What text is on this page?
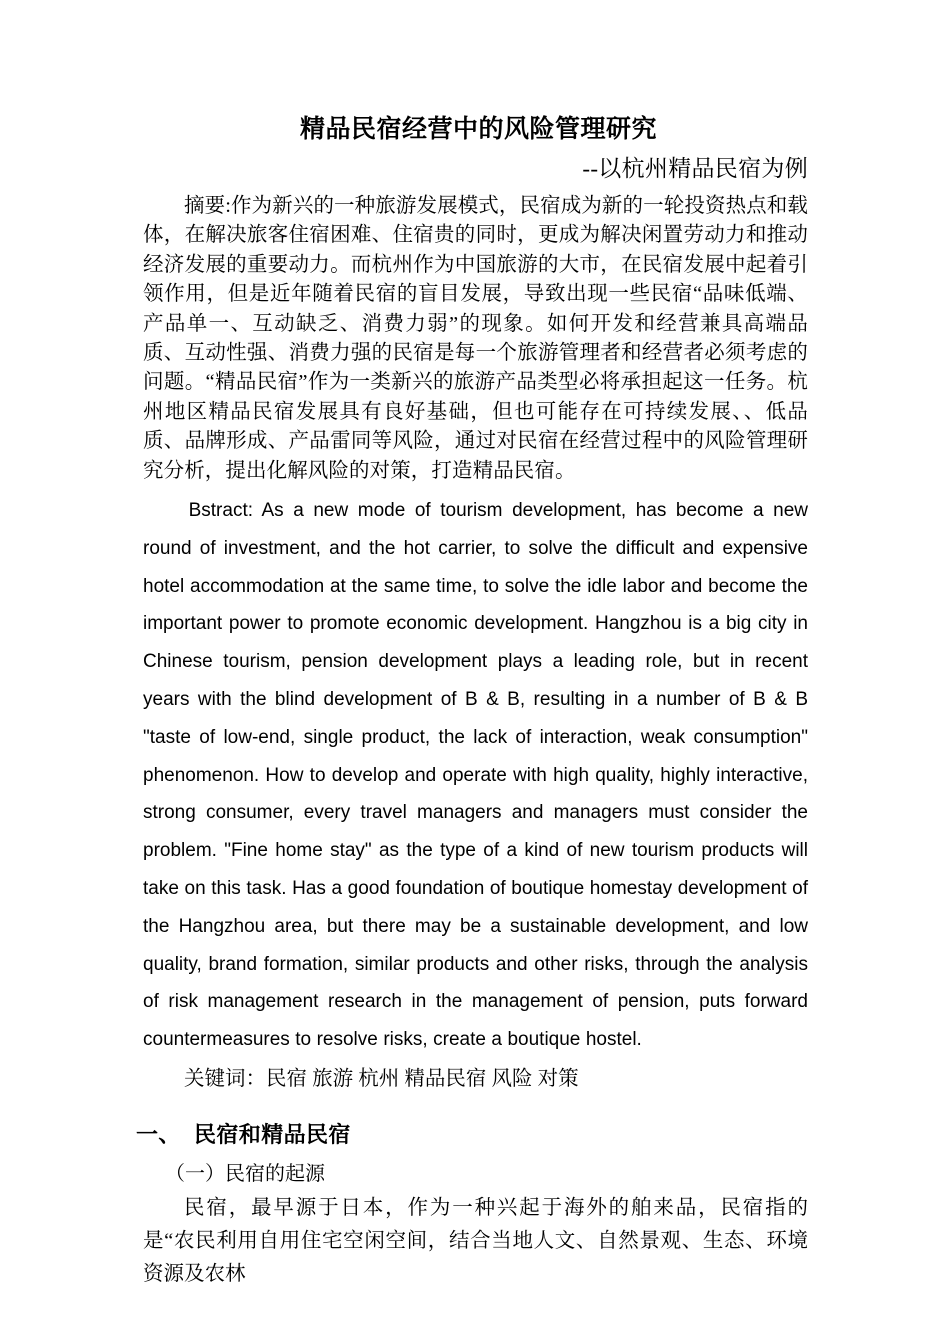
精品民宿经营中的风险管理研究
--以杭州精品民宿为例

摘要:作为新兴的一种旅游发展模式，民宿成为新的一轮投资热点和载体，在解决旅客住宿困难、住宿贵的同时，更成为解决闲置劳动力和推动经济发展的重要动力。而杭州作为中国旅游的大市，在民宿发展中起着引领作用，但是近年随着民宿的盲目发展，导致出现一些民宿“品味低端、产品单一、互动缺乏、消费力弱”的现象。如何开发和经营兼具高端品质、互动性强、消费力强的民宿是每一个旅游管理者和经营者必须考虑的问题。“精品民宿”作为一类新兴的旅游产品类型必将承担起这一任务。杭州地区精品民宿发展具有良好基础，但也可能存在可持续发展、、低品质、品牌形成、产品雷同等风险，通过对民宿在经营过程中的风险管理研究分析，提出化解风险的对策，打造精品民宿。

Bstract: As a new mode of tourism development, has become a new round of investment, and the hot carrier, to solve the difficult and expensive hotel accommodation at the same time, to solve the idle labor and become the important power to promote economic development. Hangzhou is a big city in Chinese tourism, pension development plays a leading role, but in recent years with the blind development of B & B, resulting in a number of B & B "taste of low-end, single product, the lack of interaction, weak consumption" phenomenon. How to develop and operate with high quality, highly interactive, strong consumer, every travel managers and managers must consider the problem. "Fine home stay" as the type of a kind of new tourism products will take on this task. Has a good foundation of boutique homestay development of the Hangzhou area, but there may be a sustainable development, and low quality, brand formation, similar products and other risks, through the analysis of risk management research in the management of pension, puts forward countermeasures to resolve risks, create a boutique hostel.

关键词：民宿 旅游 杭州 精品民宿 风险 对策

一、 民宿和精品民宿

（一）民宿的起源

民宿，最早源于日本，作为一种兴起于海外的舶来品，民宿指的是“农民利用自用住宅空闲空间，结合当地人文、自然景观、生态、环境资源及农林
